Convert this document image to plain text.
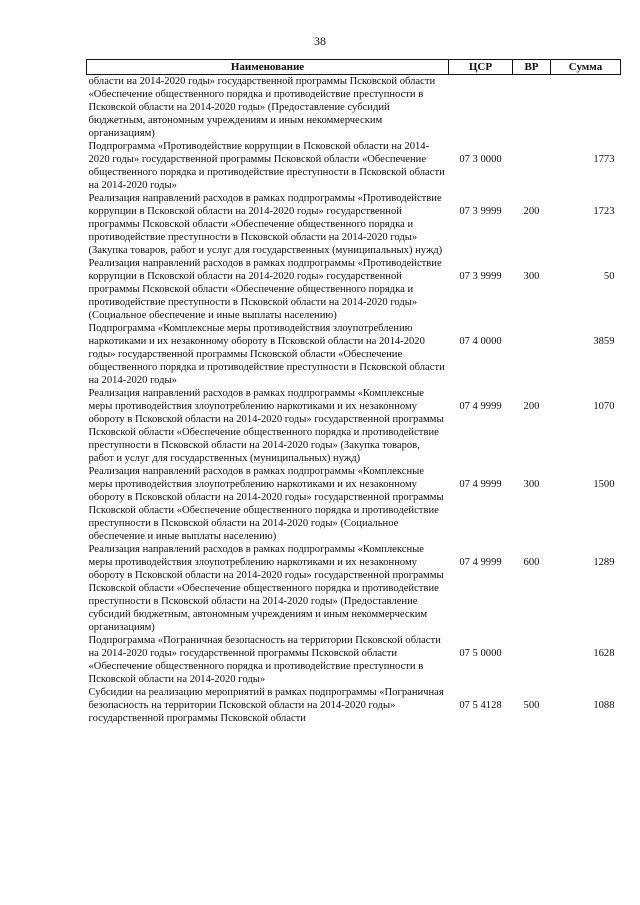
38
Наименование	ЦСР	ВР	Сумма
области на 2014-2020 годы» государственной программы Псковской области «Обеспечение общественного порядка и противодействие преступности в Псковской области на 2014-2020 годы» (Предоставление субсидий бюджетным, автономным учреждениям и иным некоммерческим организациям)			
Подпрограмма «Противодействие коррупции в Псковской области на 2014-2020 годы» государственной программы Псковской области «Обеспечение общественного порядка и противодействие преступности в Псковской области на 2014-2020 годы»	07 3 0000		1773
Реализация направлений расходов в рамках подпрограммы «Противодействие коррупции в Псковской области на 2014-2020 годы» государственной программы Псковской области «Обеспечение общественного порядка и противодействие преступности в Псковской области на 2014-2020 годы» (Закупка товаров, работ и услуг для государственных (муниципальных) нужд)	07 3 9999	200	1723
Реализация направлений расходов в рамках подпрограммы «Противодействие коррупции в Псковской области на 2014-2020 годы» государственной программы Псковской области «Обеспечение общественного порядка и противодействие преступности в Псковской области на 2014-2020 годы» (Социальное обеспечение и иные выплаты населению)	07 3 9999	300	50
Подпрограмма «Комплексные меры противодействия злоупотреблению наркотиками и их незаконному обороту в Псковской области на 2014-2020 годы» государственной программы Псковской области «Обеспечение общественного порядка и противодействие преступности в Псковской области на 2014-2020 годы»	07 4 0000		3859
Реализация направлений расходов в рамках подпрограммы «Комплексные меры противодействия злоупотреблению наркотиками и их незаконному обороту в Псковской области на 2014-2020 годы» государственной программы Псковской области «Обеспечение общественного порядка и противодействие преступности в Псковской области на 2014-2020 годы» (Закупка товаров, работ и услуг для государственных (муниципальных) нужд)	07 4 9999	200	1070
Реализация направлений расходов в рамках подпрограммы «Комплексные меры противодействия злоупотреблению наркотиками и их незаконному обороту в Псковской области на 2014-2020 годы» государственной программы Псковской области «Обеспечение общественного порядка и противодействие преступности в Псковской области на 2014-2020 годы» (Социальное обеспечение и иные выплаты населению)	07 4 9999	300	1500
Реализация направлений расходов в рамках подпрограммы «Комплексные меры противодействия злоупотреблению наркотиками и их незаконному обороту в Псковской области на 2014-2020 годы» государственной программы Псковской области «Обеспечение общественного порядка и противодействие преступности в Псковской области на 2014-2020 годы» (Предоставление субсидий бюджетным, автономным учреждениям и иным некоммерческим организациям)	07 4 9999	600	1289
Подпрограмма «Пограничная безопасность на территории Псковской области на 2014-2020 годы» государственной программы Псковской области «Обеспечение общественного порядка и противодействие преступности в Псковской области на 2014-2020 годы»	07 5 0000		1628
Субсидии на реализацию мероприятий в рамках подпрограммы «Пограничная безопасность на территории Псковской области на 2014-2020 годы» государственной программы Псковской области	07 5 4128	500	1088
